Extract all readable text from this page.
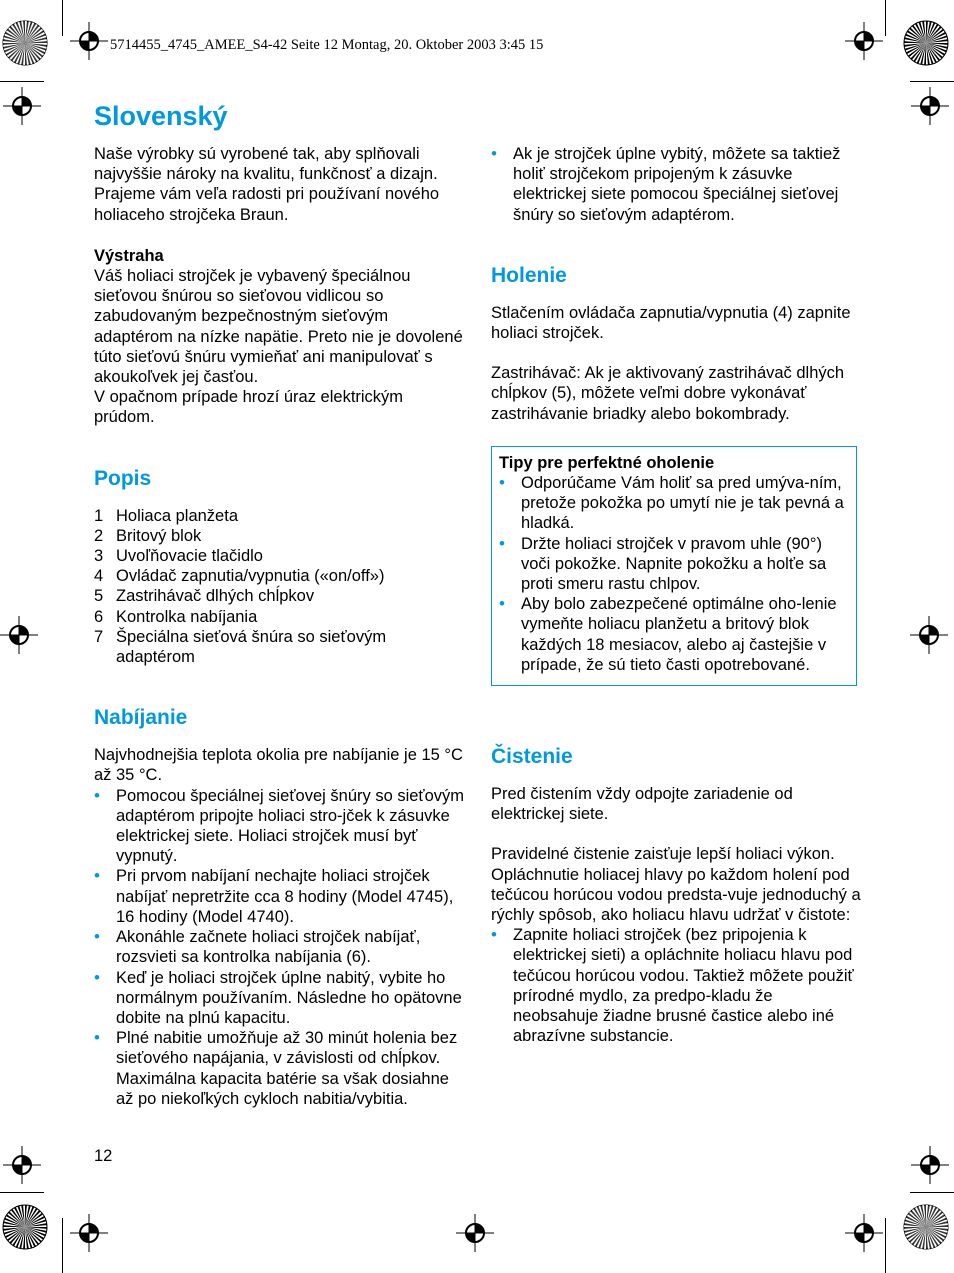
5714455_4745_AMEE_S4-42 Seite 12 Montag, 20. Oktober 2003 3:45 15
Slovenský

Naše výrobky sú vyrobené tak, aby splňovali najvyššie nároky na kvalitu, funkčnosť a dizajn. Prajeme vám veľa radosti pri používaní nového holiaceho strojčeka Braun.

Výstraha

Váš holiaci strojček je vybavený špeciálnou sieťovou šnúrou so sieťovou vidlicou so zabudovaným bezpečnostným sieťovým adaptérom na nízke napätie. Preto nie je dovolené túto sieťovú šnúru vymieňať ani manipulovať s akoukoľvek jej časťou.

V opačnom prípade hrozí úraz elektrickým prúdom.

Popis
1 Holiaca planžeta
2 Britový blok
3 Uvoľňovacie tlačidlo
4 Ovládač zapnutia/vypnutia («on/off»)
5 Zastrihávač dlhých chĺpkov
6 Kontrolka nabíjania
7 Špeciálna sieťová šnúra so sieťovým adaptérom
Nabíjanie

Najvhodnejšia teplota okolia pre nabíjanie je 15 °C až 35 °C.

• Pomocou špeciálnej sieťovej šnúry so sieťovým adaptérom pripojte holiaci stro-jček k zásuvke elektrickej siete. Holiaci strojček musí byť vypnutý.
• Pri prvom nabíjaní nechajte holiaci strojček nabíjať nepretržite cca 8 hodiny (Model 4745), 16 hodiny (Model 4740).
• Akonáhle začnete holiaci strojček nabíjať, rozsvieti sa kontrolka nabíjania (6).
• Keď je holiaci strojček úplne nabitý, vybite ho normálnym používaním. Následne ho opätovne dobite na plnú kapacitu.
• Plné nabitie umožňuje až 30 minút holenia bez sieťového napájania, v závislosti od chĺpkov. Maximálna kapacita batérie sa však dosiahne až po niekoľkých cykloch nabitia/vybitia.
• Ak je strojček úplne vybitý, môžete sa taktiež holiť strojčekom pripojeným k zásuvke elektrickej siete pomocou špeciálnej sieťovej šnúry so sieťovým adaptérom.
Holenie

Stlačením ovládača zapnutia/vypnutia (4) zapnite holiaci strojček.

Zastrihávač: Ak je aktivovaný zastrihávač dlhých chĺpkov (5), môžete veľmi dobre vykonávať zastrihávanie briadky alebo bokombrady.

Tipy pre perfektné oholenie

• Odporúčame Vám holiť sa pred umýva-ním, pretože pokožka po umytí nie je tak pevná a hladká.
• Držte holiaci strojček v pravom uhle (90°) voči pokožke. Napnite pokožku a holťe sa proti smeru rastu chlpov.
• Aby bolo zabezpečené optimálne oho-lenie vymeňte holiacu planžetu a britový blok každých 18 mesiacov, alebo aj častejšie v prípade, že sú tieto časti opotrebované.
Čistenie

Pred čistením vždy odpojte zariadenie od elektrickej siete.

Pravidelné čistenie zaisťuje lepší holiaci výkon. Opláchnutie holiacej hlavy po každom holení pod tečúcou horúcou vodou predsta-vuje jednoduchý a rýchly spôsob, ako holiacu hlavu udržať v čistote:

• Zapnite holiaci strojček (bez pripojenia k elektrickej sieti) a opláchnite holiacu hlavu pod tečúcou horúcou vodou. Taktiež môžete použiť prírodné mydlo, za predpo-kladu že neobsahuje žiadne brusné častice alebo iné abrazívne substancie.
12
